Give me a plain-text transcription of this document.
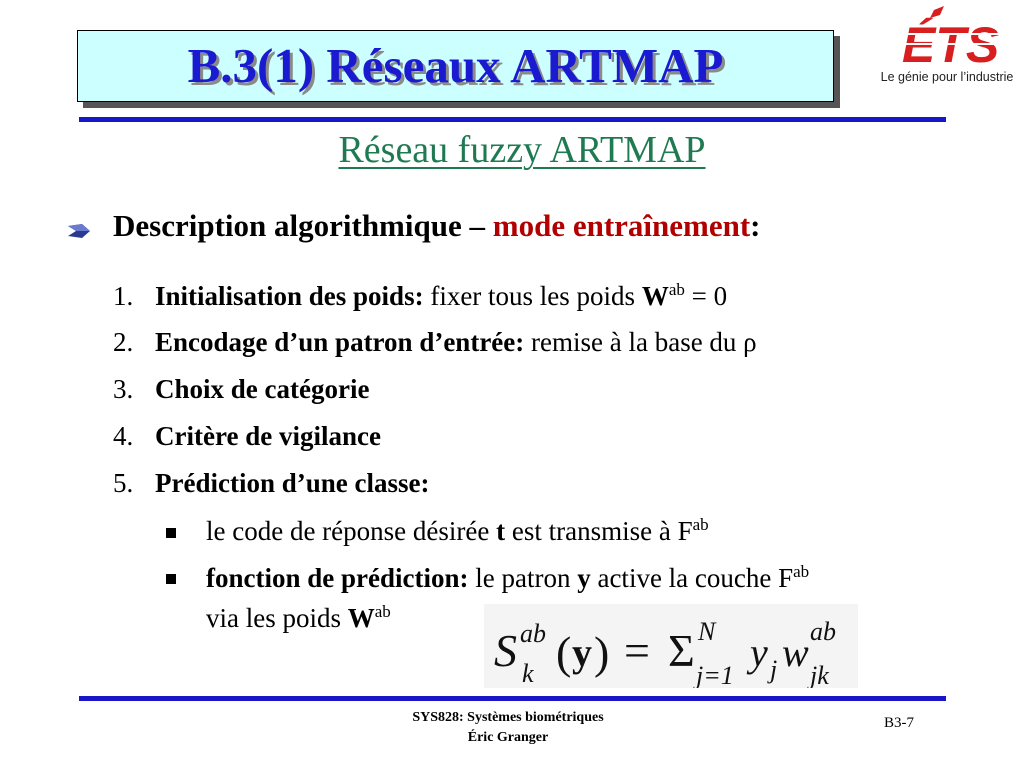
B.3(1) Réseaux ARTMAP	ÉTS
Le génie pour l’industrie
Réseau fuzzy ARTMAP
Description algorithmique – mode entraînement:
1. Initialisation des poids: fixer tous les poids $W^{ab} = 0$
2. Encodage d’un patron d’entrée: remise à la base du ρ
3. Choix de catégorie
4. Critère de vigilance
5. Prédiction d’une classe:
le code de réponse désirée t est transmise à $F^{ab}$
fonction de prédiction: le patron y active la couche $F^{ab}$
via les poids $W^{ab}$
S ab
k ( y ) = Σ N
j=1
y j w ab
jk
SYS828: Systèmes biométriques
Éric Granger
B3-7
